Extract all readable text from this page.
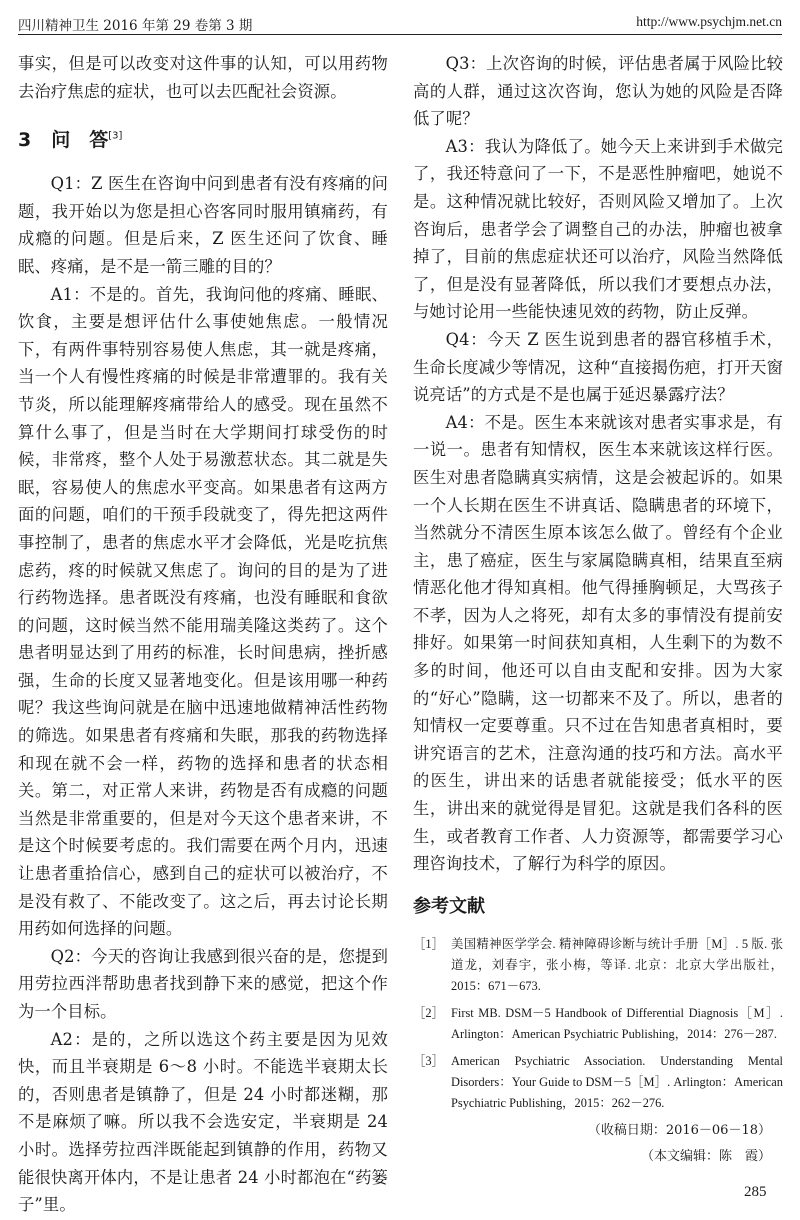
四川精神卫生 2016 年第 29 卷第 3 期	http://www.psychjm.net.cn

事实，但是可以改变对这件事的认知，可以用药物去治疗焦虑的症状，也可以去匹配社会资源。

3 问　答[3]

Q1：Z 医生在咨询中问到患者有没有疼痛的问题，我开始以为您是担心咨客同时服用镇痛药，有成瘾的问题。但是后来，Z 医生还问了饮食、睡眠、疼痛，是不是一箭三雕的目的？

A1：不是的。首先，我询问他的疼痛、睡眠、饮食，主要是想评估什么事使她焦虑。一般情况下，有两件事特别容易使人焦虑，其一就是疼痛，当一个人有慢性疼痛的时候是非常遭罪的。我有关节炎，所以能理解疼痛带给人的感受。现在虽然不算什么事了，但是当时在大学期间打球受伤的时候，非常疼，整个人处于易激惹状态。其二就是失眠，容易使人的焦虑水平变高。如果患者有这两方面的问题，咱们的干预手段就变了，得先把这两件事控制了，患者的焦虑水平才会降低，光是吃抗焦虑药，疼的时候就又焦虑了。询问的目的是为了进行药物选择。患者既没有疼痛，也没有睡眠和食欲的问题，这时候当然不能用瑞美隆这类药了。这个患者明显达到了用药的标准，长时间患病，挫折感强，生命的长度又显著地变化。但是该用哪一种药呢？我这些询问就是在脑中迅速地做精神活性药物的筛选。如果患者有疼痛和失眠，那我的药物选择和现在就不会一样，药物的选择和患者的状态相关。第二，对正常人来讲，药物是否有成瘾的问题当然是非常重要的，但是对今天这个患者来讲，不是这个时候要考虑的。我们需要在两个月内，迅速让患者重拾信心，感到自己的症状可以被治疗，不是没有救了、不能改变了。这之后，再去讨论长期用药如何选择的问题。

Q2：今天的咨询让我感到很兴奋的是，您提到用劳拉西泮帮助患者找到静下来的感觉，把这个作为一个目标。

A2：是的，之所以选这个药主要是因为见效快，而且半衰期是 6～8 小时。不能选半衰期太长的，否则患者是镇静了，但是 24 小时都迷糊，那不是麻烦了嘛。所以我不会选安定，半衰期是 24 小时。选择劳拉西泮既能起到镇静的作用，药物又能很快离开体内，不是让患者 24 小时都泡在“药篓子”里。

Q3：上次咨询的时候，评估患者属于风险比较高的人群，通过这次咨询，您认为她的风险是否降低了呢？

A3：我认为降低了。她今天上来讲到手术做完了，我还特意问了一下，不是恶性肿瘤吧，她说不是。这种情况就比较好，否则风险又增加了。上次咨询后，患者学会了调整自己的办法，肿瘤也被拿掉了，目前的焦虑症状还可以治疗，风险当然降低了，但是没有显著降低，所以我们才要想点办法，与她讨论用一些能快速见效的药物，防止反弹。

Q4：今天 Z 医生说到患者的器官移植手术，生命长度减少等情况，这种“直接揭伤疤，打开天窗说亮话”的方式是不是也属于延迟暴露疗法？

A4：不是。医生本来就该对患者实事求是，有一说一。患者有知情权，医生本来就该这样行医。医生对患者隐瞒真实病情，这是会被起诉的。如果一个人长期在医生不讲真话、隐瞒患者的环境下，当然就分不清医生原本该怎么做了。曾经有个企业主，患了癌症，医生与家属隐瞒真相，结果直至病情恶化他才得知真相。他气得捶胸顿足，大骂孩子不孝，因为人之将死，却有太多的事情没有提前安排好。如果第一时间获知真相，人生剩下的为数不多的时间，他还可以自由支配和安排。因为大家的“好心”隐瞒，这一切都来不及了。所以，患者的知情权一定要尊重。只不过在告知患者真相时，要讲究语言的艺术，注意沟通的技巧和方法。高水平的医生，讲出来的话患者就能接受；低水平的医生，讲出来的就觉得是冒犯。这就是我们各科的医生，或者教育工作者、人力资源等，都需要学习心理咨询技术，了解行为科学的原因。

参考文献
［1］ 美国精神医学学会. 精神障碍诊断与统计手册［M］. 5 版. 张道龙，刘春宇，张小梅，等译. 北京：北京大学出版社，2015：671－673.
［2］ First MB. DSM－5 Handbook of Differential Diagnosis［M］. Arlington：American Psychiatric Publishing，2014：276－287.
［3］ American Psychiatric Association. Understanding Mental Disorders：Your Guide to DSM－5［M］. Arlington：American Psychiatric Publishing，2015：262－276.
（收稿日期：2016－06－18）
（本文编辑：陈　霞）
285
